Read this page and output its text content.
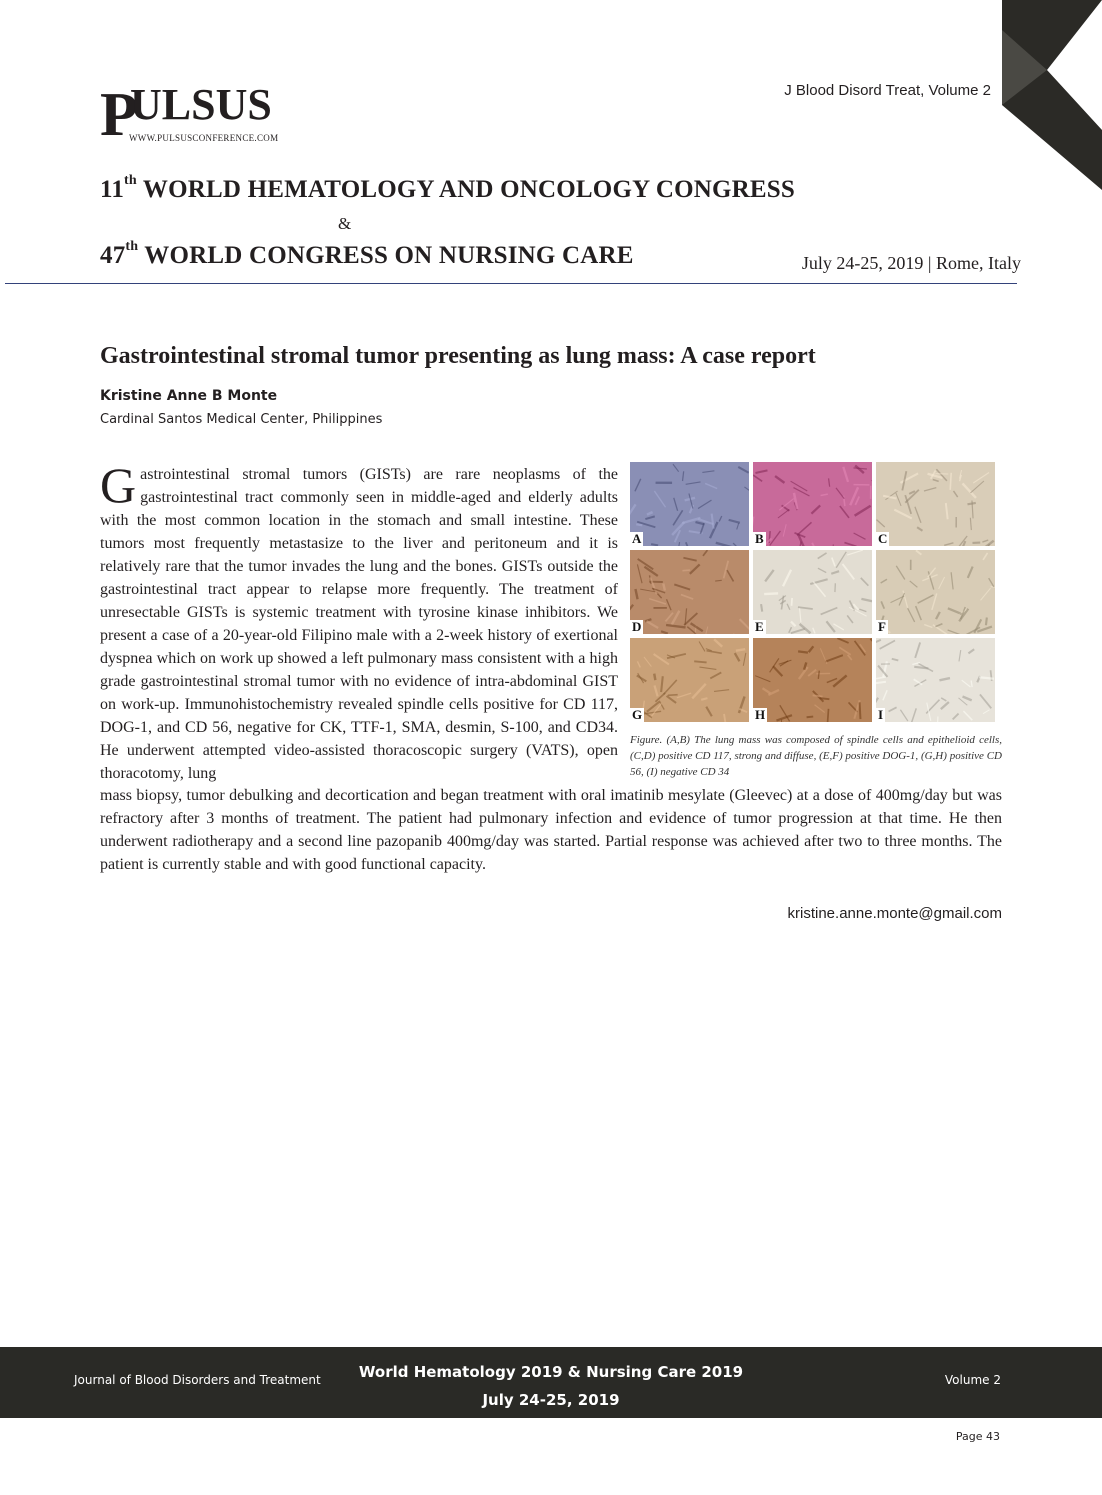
P
ULSUS
WWW.PULSUSCONFERENCE.COM
J Blood Disord Treat, Volume 2
11th WORLD HEMATOLOGY AND ONCOLOGY CONGRESS
&
47th WORLD CONGRESS ON NURSING CARE	July 24-25, 2019 | Rome, Italy
Gastrointestinal stromal tumor presenting as lung mass: A case report
Kristine Anne B Monte
Cardinal Santos Medical Center, Philippines
Gastrointestinal stromal tumors (GISTs) are rare neoplasms of the gastrointestinal tract commonly seen in middle-aged and elderly adults with the most common location in the stomach and small intestine. These tumors most frequently metastasize to the liver and peritoneum and it is relatively rare that the tumor invades the lung and the bones. GISTs outside the gastrointestinal tract appear to relapse more frequently. The treatment of unresectable GISTs is systemic treatment with tyrosine kinase inhibitors. We present a case of a 20-year-old Filipino male with a 2-week history of exertional dyspnea which on work up showed a left pulmonary mass consistent with a high grade gastrointestinal stromal tumor with no evidence of intra-abdominal GIST on work-up. Immunohistochemistry revealed spindle cells positive for CD 117, DOG-1, and CD 56, negative for CK, TTF-1, SMA, desmin, S-100, and CD34. He underwent attempted video-assisted thoracoscopic surgery (VATS), open thoracotomy, lung
A	B	C
D	E	F
G	H	I
Figure. (A,B) The lung mass was composed of spindle cells and epithelioid cells, (C,D) positive CD 117, strong and diffuse, (E,F) positive DOG-1, (G,H) positive CD 56, (I) negative CD 34
mass biopsy, tumor debulking and decortication and began treatment with oral imatinib mesylate (Gleevec) at a dose of 400mg/day but was refractory after 3 months of treatment. The patient had pulmonary infection and evidence of tumor progression at that time. He then underwent radiotherapy and a second line pazopanib 400mg/day was started. Partial response was achieved after two to three months. The patient is currently stable and with good functional capacity.
kristine.anne.monte@gmail.com
Journal of Blood Disorders and Treatment	World Hematology 2019 & Nursing Care 2019
July 24-25, 2019
Volume 2
Page 43
